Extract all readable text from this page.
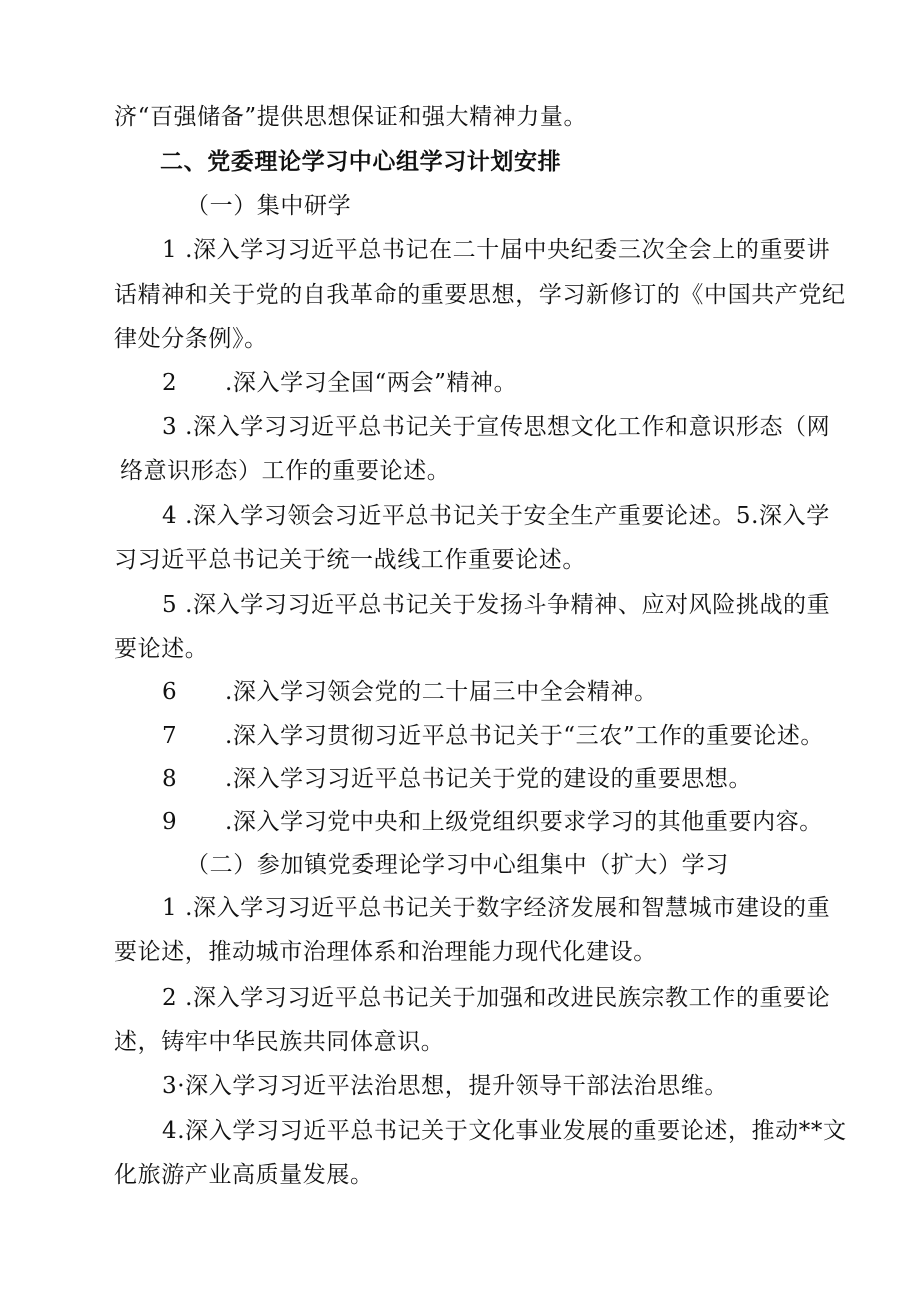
济“百强储备”提供思想保证和强大精神力量。
二、党委理论学习中心组学习计划安排
（一）集中研学
1 .深入学习习近平总书记在二十届中央纪委三次全会上的重要讲
话精神和关于党的自我革命的重要思想，学习新修订的《中国共产党纪
律处分条例》。
2 .深入学习全国“两会”精神。
3 .深入学习习近平总书记关于宣传思想文化工作和意识形态（网
络意识形态）工作的重要论述。
4 .深入学习领会习近平总书记关于安全生产重要论述。5.深入学
习习近平总书记关于统一战线工作重要论述。
5 .深入学习习近平总书记关于发扬斗争精神、应对风险挑战的重
要论述。
6 .深入学习领会党的二十届三中全会精神。
7 .深入学习贯彻习近平总书记关于“三农”工作的重要论述。
8 .深入学习习近平总书记关于党的建设的重要思想。
9 .深入学习党中央和上级党组织要求学习的其他重要内容。
（二）参加镇党委理论学习中心组集中（扩大）学习
1 .深入学习习近平总书记关于数字经济发展和智慧城市建设的重
要论述，推动城市治理体系和治理能力现代化建设。
2 .深入学习习近平总书记关于加强和改进民族宗教工作的重要论
述，铸牢中华民族共同体意识。
3·深入学习习近平法治思想，提升领导干部法治思维。
4.深入学习习近平总书记关于文化事业发展的重要论述，推动**文
化旅游产业高质量发展。
